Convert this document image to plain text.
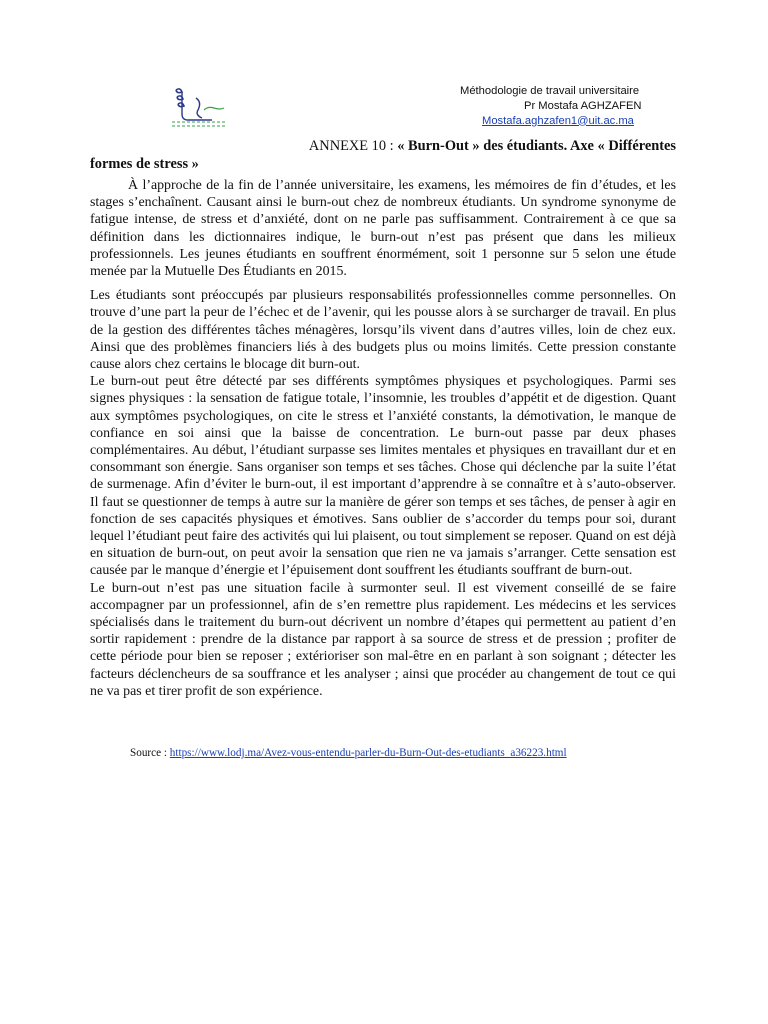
Méthodologie de travail universitaire
Pr Mostafa AGHZAFEN
Mostafa.aghzafen1@uit.ac.ma
ANNEXE 10 : « Burn-Out » des étudiants. Axe « Différentes
formes de stress »

À l’approche de la fin de l’année universitaire, les examens, les mémoires de fin d’études, et les stages s’enchaînent. Causant ainsi le burn-out chez de nombreux étudiants. Un syndrome synonyme de fatigue intense, de stress et d’anxiété, dont on ne parle pas suffisamment. Contrairement à ce que sa définition dans les dictionnaires indique, le burn-out n’est pas présent que dans les milieux professionnels. Les jeunes étudiants en souffrent énormément, soit 1 personne sur 5 selon une étude menée par la Mutuelle Des Étudiants en 2015.

Les étudiants sont préoccupés par plusieurs responsabilités professionnelles comme personnelles. On trouve d’une part la peur de l’échec et de l’avenir, qui les pousse alors à se surcharger de travail. En plus de la gestion des différentes tâches ménagères, lorsqu’ils vivent dans d’autres villes, loin de chez eux. Ainsi que des problèmes financiers liés à des budgets plus ou moins limités. Cette pression constante cause alors chez certains le blocage dit burn-out.

Le burn-out peut être détecté par ses différents symptômes physiques et psychologiques. Parmi ses signes physiques : la sensation de fatigue totale, l’insomnie, les troubles d’appétit et de digestion. Quant aux symptômes psychologiques, on cite le stress et l’anxiété constants, la démotivation, le manque de confiance en soi ainsi que la baisse de concentration. Le burn-out passe par deux phases complémentaires. Au début, l’étudiant surpasse ses limites mentales et physiques en travaillant dur et en consommant son énergie. Sans organiser son temps et ses tâches. Chose qui déclenche par la suite l’état de surmenage. Afin d’éviter le burn-out, il est important d’apprendre à se connaître et à s’auto-observer. Il faut se questionner de temps à autre sur la manière de gérer son temps et ses tâches, de penser à agir en fonction de ses capacités physiques et émotives. Sans oublier de s’accorder du temps pour soi, durant lequel l’étudiant peut faire des activités qui lui plaisent, ou tout simplement se reposer. Quand on est déjà en situation de burn-out, on peut avoir la sensation que rien ne va jamais s’arranger. Cette sensation est causée par le manque d’énergie et l’épuisement dont souffrent les étudiants souffrant de burn-out.

Le burn-out n’est pas une situation facile à surmonter seul. Il est vivement conseillé de se faire accompagner par un professionnel, afin de s’en remettre plus rapidement. Les médecins et les services spécialisés dans le traitement du burn-out décrivent un nombre d’étapes qui permettent au patient d’en sortir rapidement : prendre de la distance par rapport à sa source de stress et de pression ; profiter de cette période pour bien se reposer ; extérioriser son mal-être en en parlant à son soignant ; détecter les facteurs déclencheurs de sa souffrance et les analyser ; ainsi que procéder au changement de tout ce qui ne va pas et tirer profit de son expérience.

Source : https://www.lodj.ma/Avez-vous-entendu-parler-du-Burn-Out-des-etudiants_a36223.html
